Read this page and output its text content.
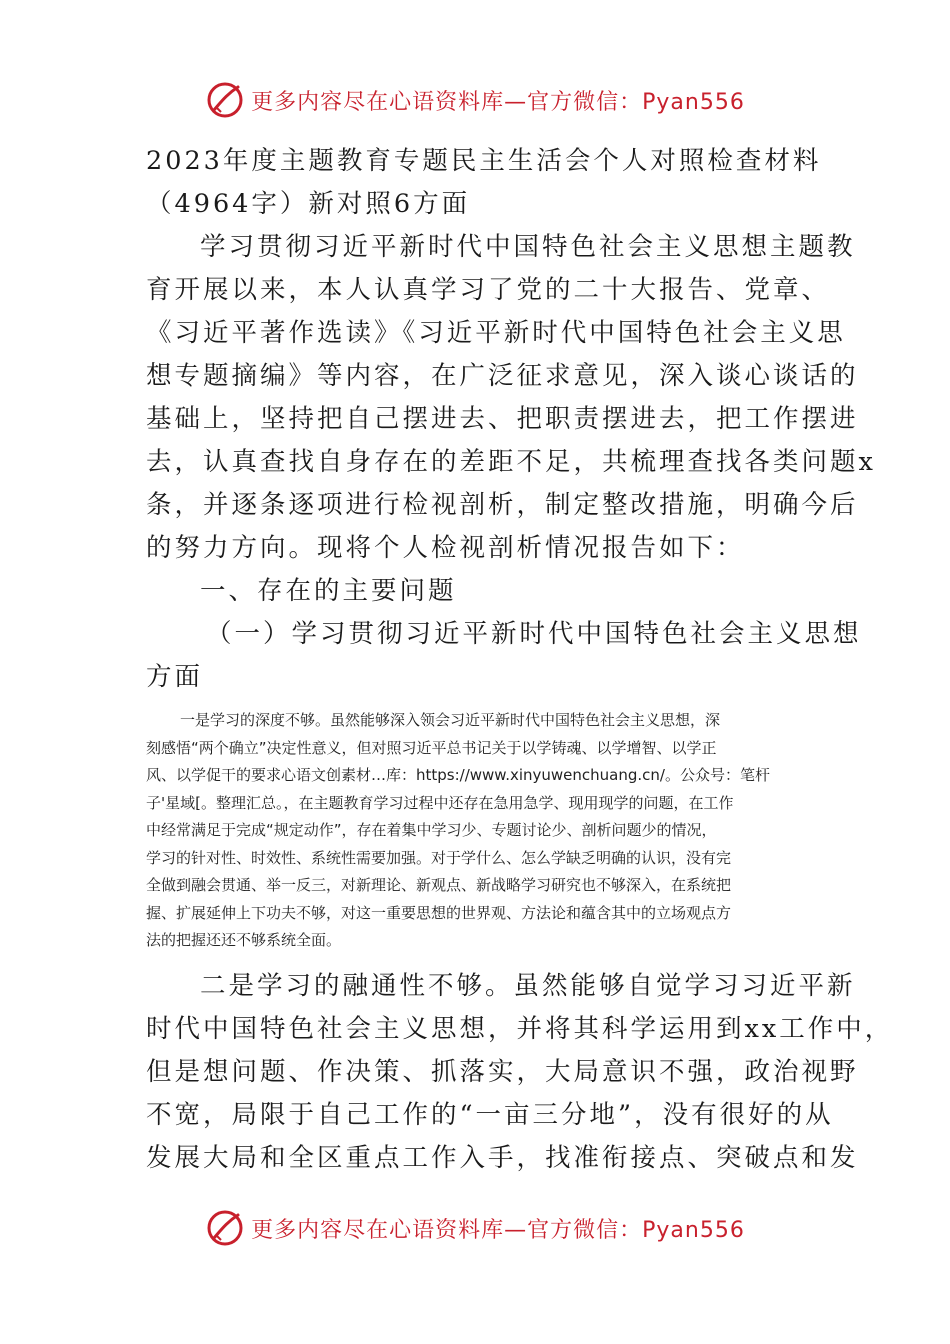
更多内容尽在心语资料库—官方微信：Pyan556
2023年度主题教育专题民主生活会个人对照检查材料
（4964字）新对照6方面
学习贯彻习近平新时代中国特色社会主义思想主题教
育开展以来，本人认真学习了党的二十大报告、党章、
《习近平著作选读》《习近平新时代中国特色社会主义思
想专题摘编》等内容，在广泛征求意见，深入谈心谈话的
基础上，坚持把自己摆进去、把职责摆进去，把工作摆进
去，认真查找自身存在的差距不足，共梳理查找各类问题x
条，并逐条逐项进行检视剖析，制定整改措施，明确今后
的努力方向。现将个人检视剖析情况报告如下：
一、存在的主要问题
（一）学习贯彻习近平新时代中国特色社会主义思想
方面
一是学习的深度不够。虽然能够深入领会习近平新时代中国特色社会主义思想，深
刻感悟“两个确立”决定性意义，但对照习近平总书记关于以学铸魂、以学增智、以学正
风、以学促干的要求心语文创素材…库：https://www.xinyuwenchuang.cn/。公众号：笔杆
子'星域[。整理汇总。，在主题教育学习过程中还存在急用急学、现用现学的问题，在工作
中经常满足于完成“规定动作”，存在着集中学习少、专题讨论少、剖析问题少的情况，
学习的针对性、时效性、系统性需要加强。对于学什么、怎么学缺乏明确的认识，没有完
全做到融会贯通、举一反三，对新理论、新观点、新战略学习研究也不够深入，在系统把
握、扩展延伸上下功夫不够，对这一重要思想的世界观、方法论和蕴含其中的立场观点方
法的把握还还不够系统全面。
二是学习的融通性不够。虽然能够自觉学习习近平新
时代中国特色社会主义思想，并将其科学运用到xx工作中，
但是想问题、作决策、抓落实，大局意识不强，政治视野
不宽，局限于自己工作的“一亩三分地”，没有很好的从
发展大局和全区重点工作入手，找准衔接点、突破点和发
更多内容尽在心语资料库—官方微信：Pyan556
